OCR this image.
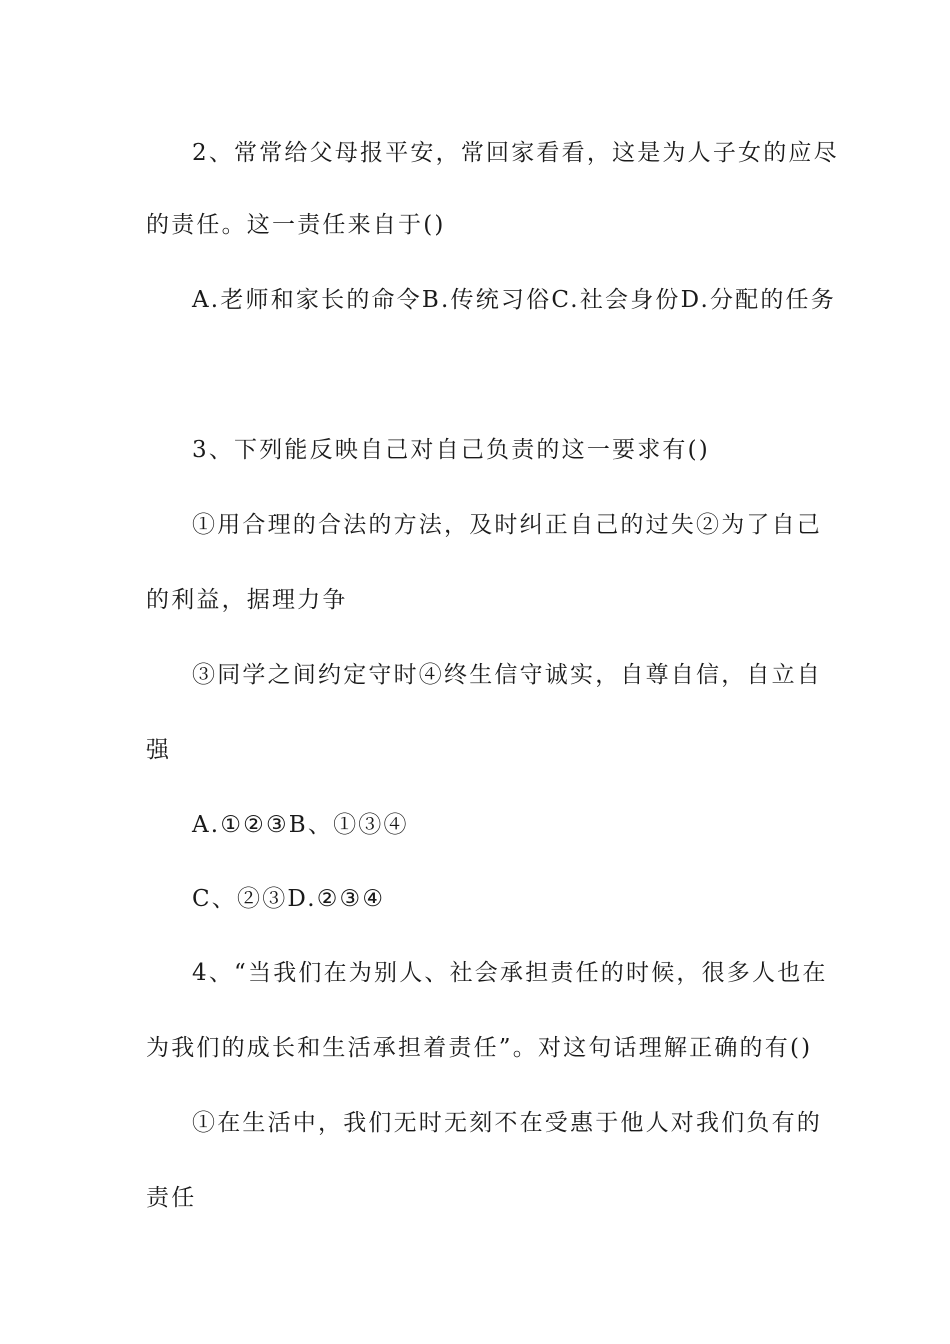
2、常常给父母报平安，常回家看看，这是为人子女的应尽
的责任。这一责任来自于()
A.老师和家长的命令B.传统习俗C.社会身份D.分配的任务
3、下列能反映自己对自己负责的这一要求有()
①用合理的合法的方法，及时纠正自己的过失②为了自己
的利益，据理力争
③同学之间约定守时④终生信守诚实，自尊自信，自立自
强
A.①②③B、①③④
C、②③D.②③④
4、“当我们在为别人、社会承担责任的时候，很多人也在
为我们的成长和生活承担着责任”。对这句话理解正确的有()
①在生活中，我们无时无刻不在受惠于他人对我们负有的
责任
